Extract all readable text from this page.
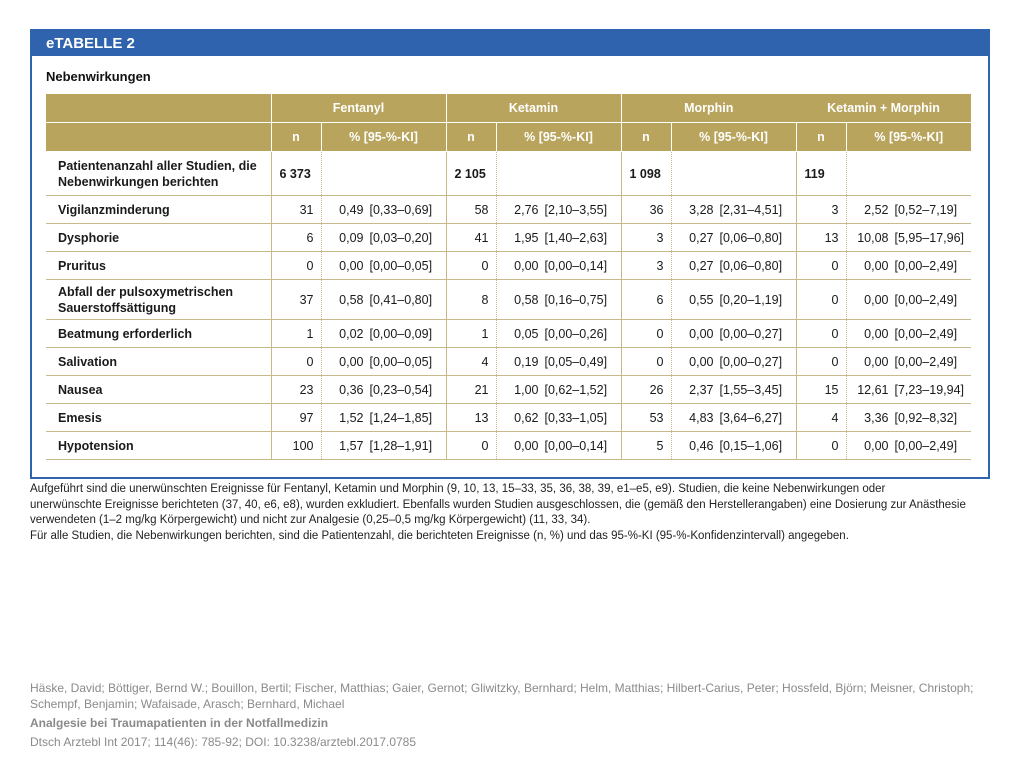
eTABELLE 2
Nebenwirkungen
	Fentanyl		Ketamin		Morphin		Ketamin + Morphin	
	n	% [95-%-KI]	n	% [95-%-KI]	n	% [95-%-KI]	n	% [95-%-KI]
Patientenanzahl aller Studien, die Nebenwirkungen berichten	6 373		2 105		1 098		119	
Vigilanzminderung	31	0,49 [0,33–0,69]	58	2,76 [2,10–3,55]	36	3,28 [2,31–4,51]	3	2,52 [0,52–7,19]
Dysphorie	6	0,09 [0,03–0,20]	41	1,95 [1,40–2,63]	3	0,27 [0,06–0,80]	13	10,08 [5,95–17,96]
Pruritus	0	0,00 [0,00–0,05]	0	0,00 [0,00–0,14]	3	0,27 [0,06–0,80]	0	0,00 [0,00–2,49]
Abfall der pulsoxymetrischen Sauerstoffsättigung	37	0,58 [0,41–0,80]	8	0,58 [0,16–0,75]	6	0,55 [0,20–1,19]	0	0,00 [0,00–2,49]
Beatmung erforderlich	1	0,02 [0,00–0,09]	1	0,05 [0,00–0,26]	0	0,00 [0,00–0,27]	0	0,00 [0,00–2,49]
Salivation	0	0,00 [0,00–0,05]	4	0,19 [0,05–0,49]	0	0,00 [0,00–0,27]	0	0,00 [0,00–2,49]
Nausea	23	0,36 [0,23–0,54]	21	1,00 [0,62–1,52]	26	2,37 [1,55–3,45]	15	12,61 [7,23–19,94]
Emesis	97	1,52 [1,24–1,85]	13	0,62 [0,33–1,05]	53	4,83 [3,64–6,27]	4	3,36 [0,92–8,32]
Hypotension	100	1,57 [1,28–1,91]	0	0,00 [0,00–0,14]	5	0,46 [0,15–1,06]	0	0,00 [0,00–2,49]
Aufgeführt sind die unerwünschten Ereignisse für Fentanyl, Ketamin und Morphin (9, 10, 13, 15–33, 35, 36, 38, 39, e1–e5, e9). Studien, die keine Nebenwirkungen oder
unerwünschte Ereignisse berichteten (37, 40, e6, e8), wurden exkludiert. Ebenfalls wurden Studien ausgeschlossen, die (gemäß den Herstellerangaben) eine Dosierung zur Anästhesie
verwendeten (1–2 mg/kg Körpergewicht) und nicht zur Analgesie (0,25–0,5 mg/kg Körpergewicht) (11, 33, 34).
Für alle Studien, die Nebenwirkungen berichten, sind die Patientenzahl, die berichteten Ereignisse (n, %) und das 95-%-KI (95-%-Konfidenzintervall) angegeben.
Häske, David; Böttiger, Bernd W.; Bouillon, Bertil; Fischer, Matthias; Gaier, Gernot; Gliwitzky, Bernhard; Helm, Matthias; Hilbert-Carius, Peter; Hossfeld, Björn; Meisner, Christoph; Schempf, Benjamin; Wafaisade, Arasch; Bernhard, Michael
Analgesie bei Traumapatienten in der Notfallmedizin
Dtsch Arztebl Int 2017; 114(46): 785-92; DOI: 10.3238/arztebl.2017.0785
